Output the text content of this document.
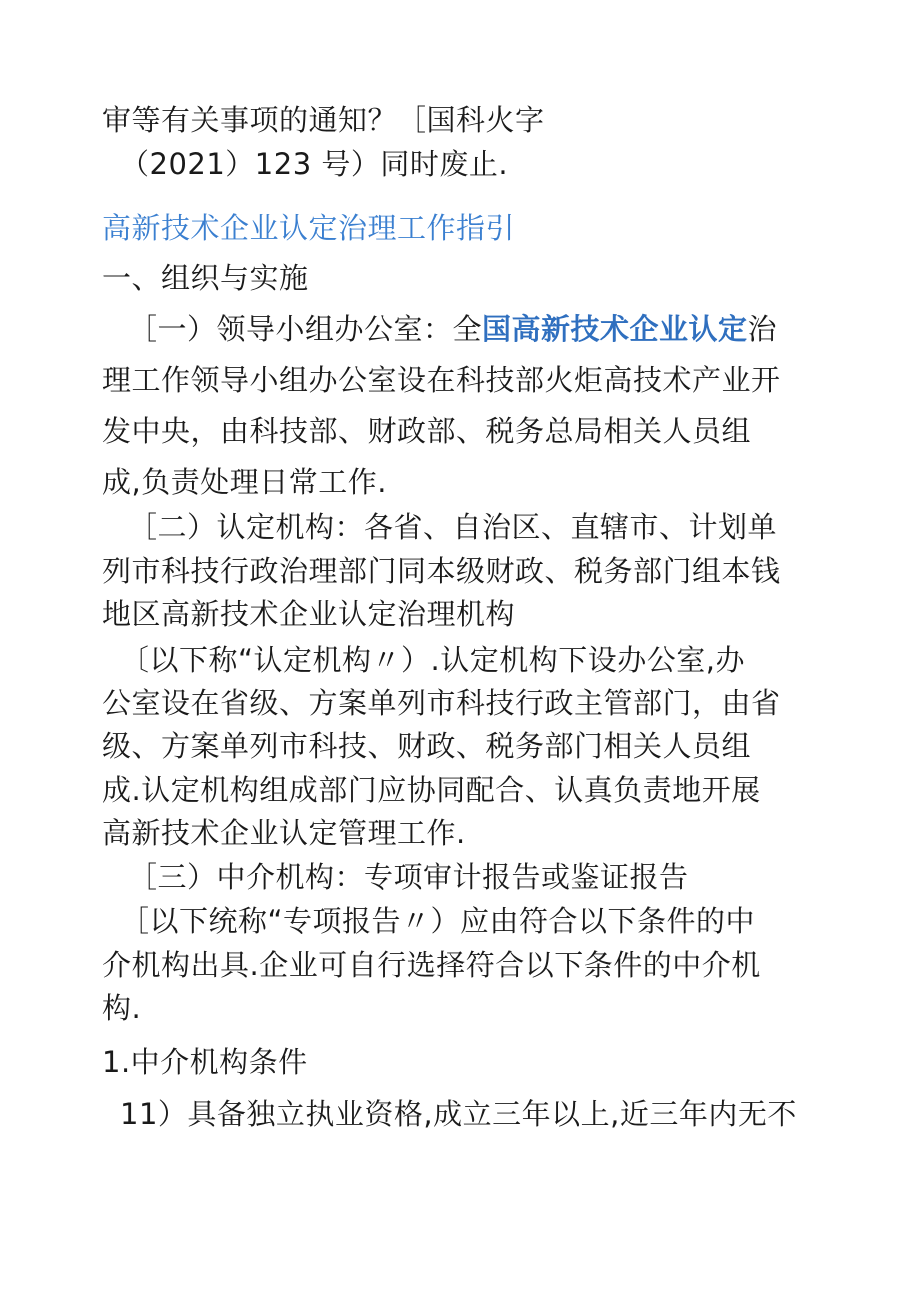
审等有关事项的通知？［国科火字
（2021）123 号）同时废止.
高新技术企业认定治理工作指引
一、组织与实施
［一）领导小组办公室：全国高新技术企业认定治
理工作领导小组办公室设在科技部火炬高技术产业开
发中央，由科技部、财政部、税务总局相关人员组
成,负责处理日常工作.
［二）认定机构：各省、自治区、直辖市、计划单
列市科技行政治理部门同本级财政、税务部门组本钱
地区高新技术企业认定治理机构
〔以下称“认定机构〃）.认定机构下设办公室,办
公室设在省级、方案单列市科技行政主管部门，由省
级、方案单列市科技、财政、税务部门相关人员组
成.认定机构组成部门应协同配合、认真负责地开展
高新技术企业认定管理工作.
［三）中介机构：专项审计报告或鉴证报告
［以下统称“专项报告〃）应由符合以下条件的中
介机构出具.企业可自行选择符合以下条件的中介机
构.
1.中介机构条件
11）具备独立执业资格,成立三年以上,近三年内无不
